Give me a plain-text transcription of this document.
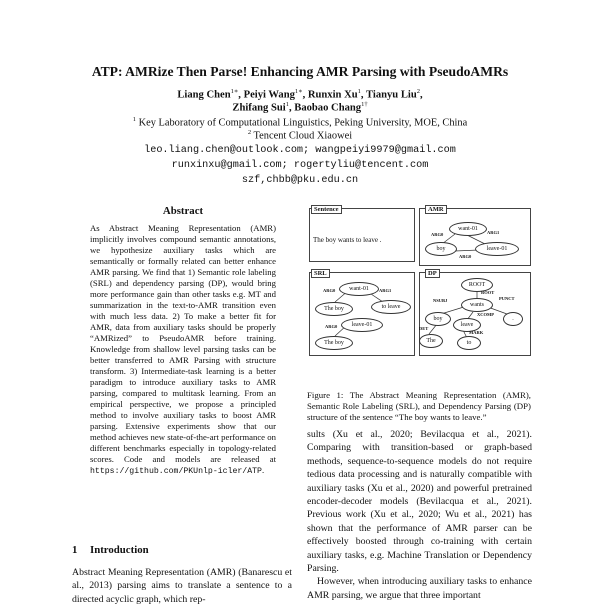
ATP: AMRize Then Parse! Enhancing AMR Parsing with PseudoAMRs
Liang Chen$^{1∗}$, Peiyi Wang$^{1∗}$, Runxin Xu$^1$, Tianyu Liu$^2$,
Zhifang Sui$^1$, Baobao Chang$^{1\dagger}$
$^1$ Key Laboratory of Computational Linguistics, Peking University, MOE, China
$^2$ Tencent Cloud Xiaowei
leo.liang.chen@outlook.com; wangpeiyi9979@gmail.com
runxinxu@gmail.com; rogertyliu@tencent.com
szf,chbb@pku.edu.cn
Abstract

As Abstract Meaning Representation (AMR) implicitly involves compound semantic annotations, we hypothesize auxiliary tasks which are semantically or formally related can better enhance AMR parsing. We find that 1) Semantic role labeling (SRL) and dependency parsing (DP), would bring more performance gain than other tasks e.g. MT and summarization in the text-to-AMR transition even with much less data. 2) To make a better fit for AMR, data from auxiliary tasks should be properly “AMRized” to PseudoAMR before training. Knowledge from shallow level parsing tasks can be better transferred to AMR Parsing with structure transform. 3) Intermediate-task learning is a better paradigm to introduce auxiliary tasks to AMR parsing, compared to multitask learning. From an empirical perspective, we propose a principled method to involve auxiliary tasks to boost AMR parsing. Extensive experiments show that our method achieves new state-of-the-art performance on different benchmarks especially in topology-related scores. Code and models are released at https://github.com/PKUnlp-icler/ATP.

1 Introduction

Abstract Meaning Representation (AMR) (Banarescu et al., 2013) parsing aims to translate a sentence to a directed acyclic graph, which rep-

Sentence
The boy wants to leave .
AMR
want-01
boy	leave-01
ARG0	ARG1
ARG0
SRL
want-01
The boy	to leave
leave-01
The boy
ARG0	ARG1
ARG0
DP
ROOT
wants
boy
leave
.
The	to
ROOT
NSUBJ	PUNCT
XCOMP
DET
MARK
Figure 1: The Abstract Meaning Representation (AMR), Semantic Role Labeling (SRL), and Dependency Parsing (DP) structure of the sentence “The boy wants to leave.”

sults (Xu et al., 2020; Bevilacqua et al., 2021). Comparing with transition-based or graph-based methods, sequence-to-sequence models do not require tedious data processing and is naturally compatible with auxiliary tasks (Xu et al., 2020) and powerful pretrained encoder-decoder models (Bevilacqua et al., 2021). Previous work (Xu et al., 2020; Wu et al., 2021) has shown that the performance of AMR parser can be effectively boosted through co-training with certain auxiliary tasks, e.g. Machine Translation or Dependency Parsing.

However, when introducing auxiliary tasks to enhance AMR parsing, we argue that three important
